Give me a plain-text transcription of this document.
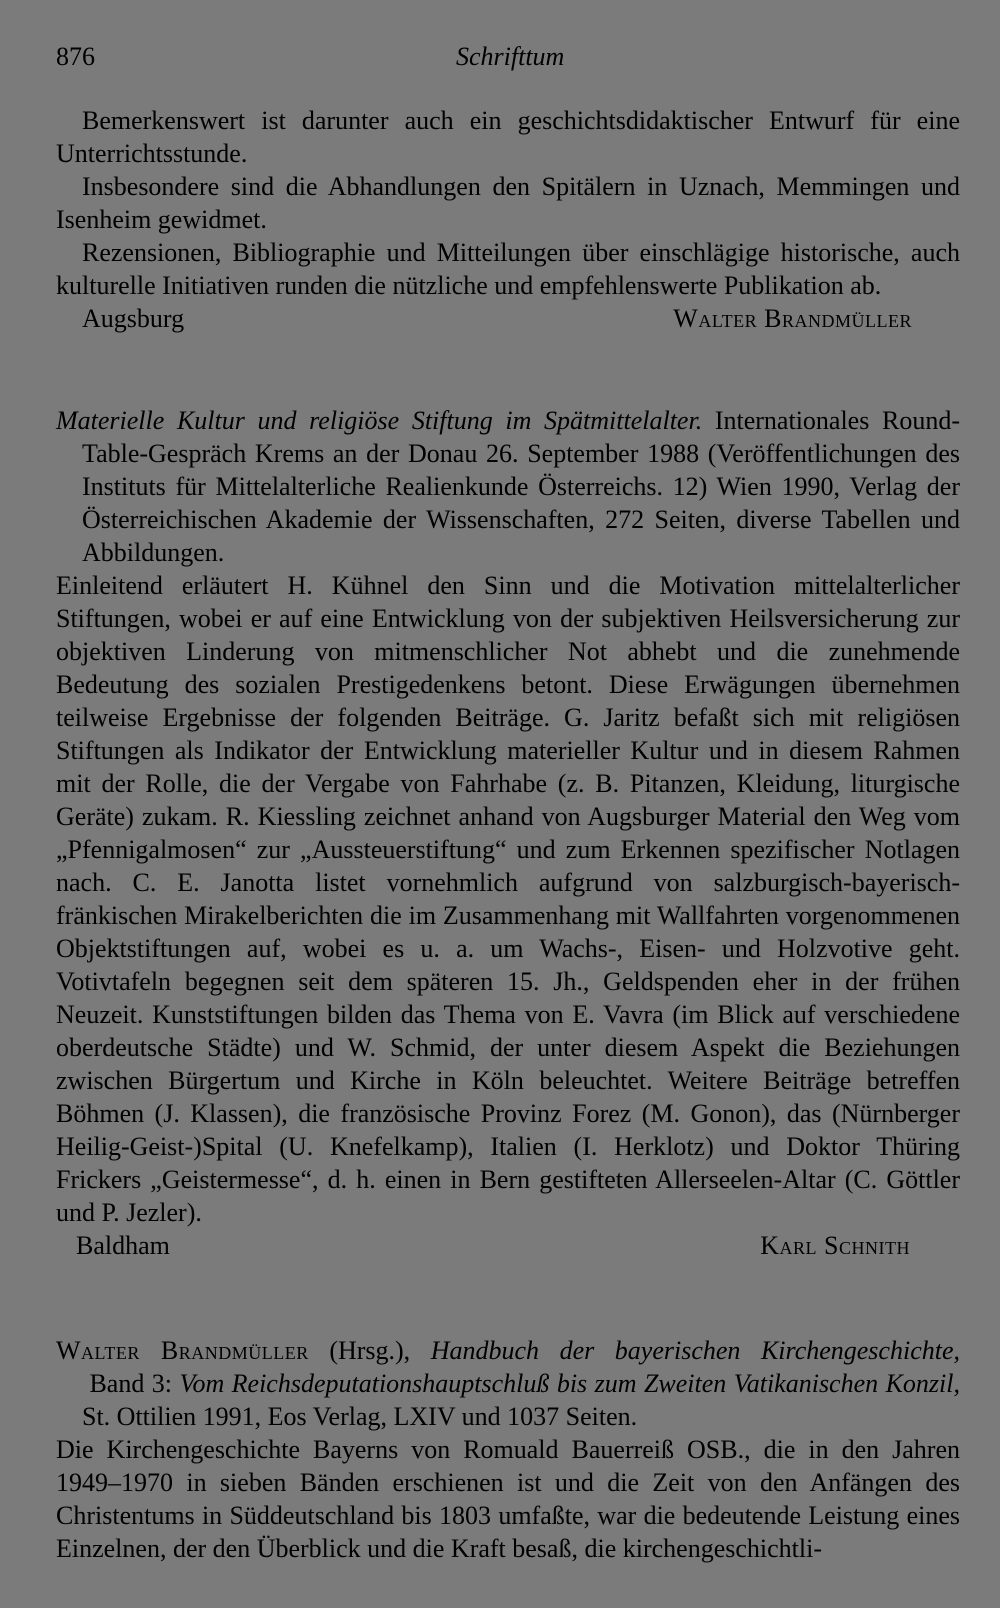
876	Schrifttum

Bemerkenswert ist darunter auch ein geschichtsdidaktischer Entwurf für eine Unterrichtsstunde.

Insbesondere sind die Abhandlungen den Spitälern in Uznach, Memmingen und Isenheim gewidmet.

Rezensionen, Bibliographie und Mitteilungen über einschlägige historische, auch kulturelle Initiativen runden die nützliche und empfehlenswerte Publikation ab.

Augsburg	Walter Brandmüller

Materielle Kultur und religiöse Stiftung im Spätmittelalter. Internationales Round-Table-Gespräch Krems an der Donau 26. September 1988 (Veröffentlichungen des Instituts für Mittelalterliche Realienkunde Österreichs. 12) Wien 1990, Verlag der Österreichischen Akademie der Wissenschaften, 272 Seiten, diverse Tabellen und Abbildungen.

Einleitend erläutert H. Kühnel den Sinn und die Motivation mittelalterlicher Stiftungen, wobei er auf eine Entwicklung von der subjektiven Heilsversicherung zur objektiven Linderung von mitmenschlicher Not abhebt und die zunehmende Bedeutung des sozialen Prestigedenkens betont. Diese Erwägungen übernehmen teilweise Ergebnisse der folgenden Beiträge. G. Jaritz befaßt sich mit religiösen Stiftungen als Indikator der Entwicklung materieller Kultur und in diesem Rahmen mit der Rolle, die der Vergabe von Fahrhabe (z. B. Pitanzen, Kleidung, liturgische Geräte) zukam. R. Kiessling zeichnet anhand von Augsburger Material den Weg vom „Pfennigalmosen“ zur „Aussteuerstiftung“ und zum Erkennen spezifischer Notlagen nach. C. E. Janotta listet vornehmlich aufgrund von salzburgisch-bayerisch-fränkischen Mirakelberichten die im Zusammenhang mit Wallfahrten vorgenommenen Objektstiftungen auf, wobei es u. a. um Wachs-, Eisen- und Holzvotive geht. Votivtafeln begegnen seit dem späteren 15. Jh., Geldspenden eher in der frühen Neuzeit. Kunststiftungen bilden das Thema von E. Vavra (im Blick auf verschiedene oberdeutsche Städte) und W. Schmid, der unter diesem Aspekt die Beziehungen zwischen Bürgertum und Kirche in Köln beleuchtet. Weitere Beiträge betreffen Böhmen (J. Klassen), die französische Provinz Forez (M. Gonon), das (Nürnberger Heilig-Geist-)Spital (U. Knefelkamp), Italien (I. Herklotz) und Doktor Thüring Frickers „Geistermesse“, d. h. einen in Bern gestifteten Allerseelen-Altar (C. Göttler und P. Jezler).

Baldham	Karl Schnith

Walter Brandmüller (Hrsg.), Handbuch der bayerischen Kirchengeschichte, Band 3: Vom Reichsdeputationshauptschluß bis zum Zweiten Vatikanischen Konzil, St. Ottilien 1991, Eos Verlag, LXIV und 1037 Seiten.

Die Kirchengeschichte Bayerns von Romuald Bauerreiß OSB., die in den Jahren 1949–1970 in sieben Bänden erschienen ist und die Zeit von den Anfängen des Christentums in Süddeutschland bis 1803 umfaßte, war die bedeutende Leistung eines Einzelnen, der den Überblick und die Kraft besaß, die kirchengeschichtli-
